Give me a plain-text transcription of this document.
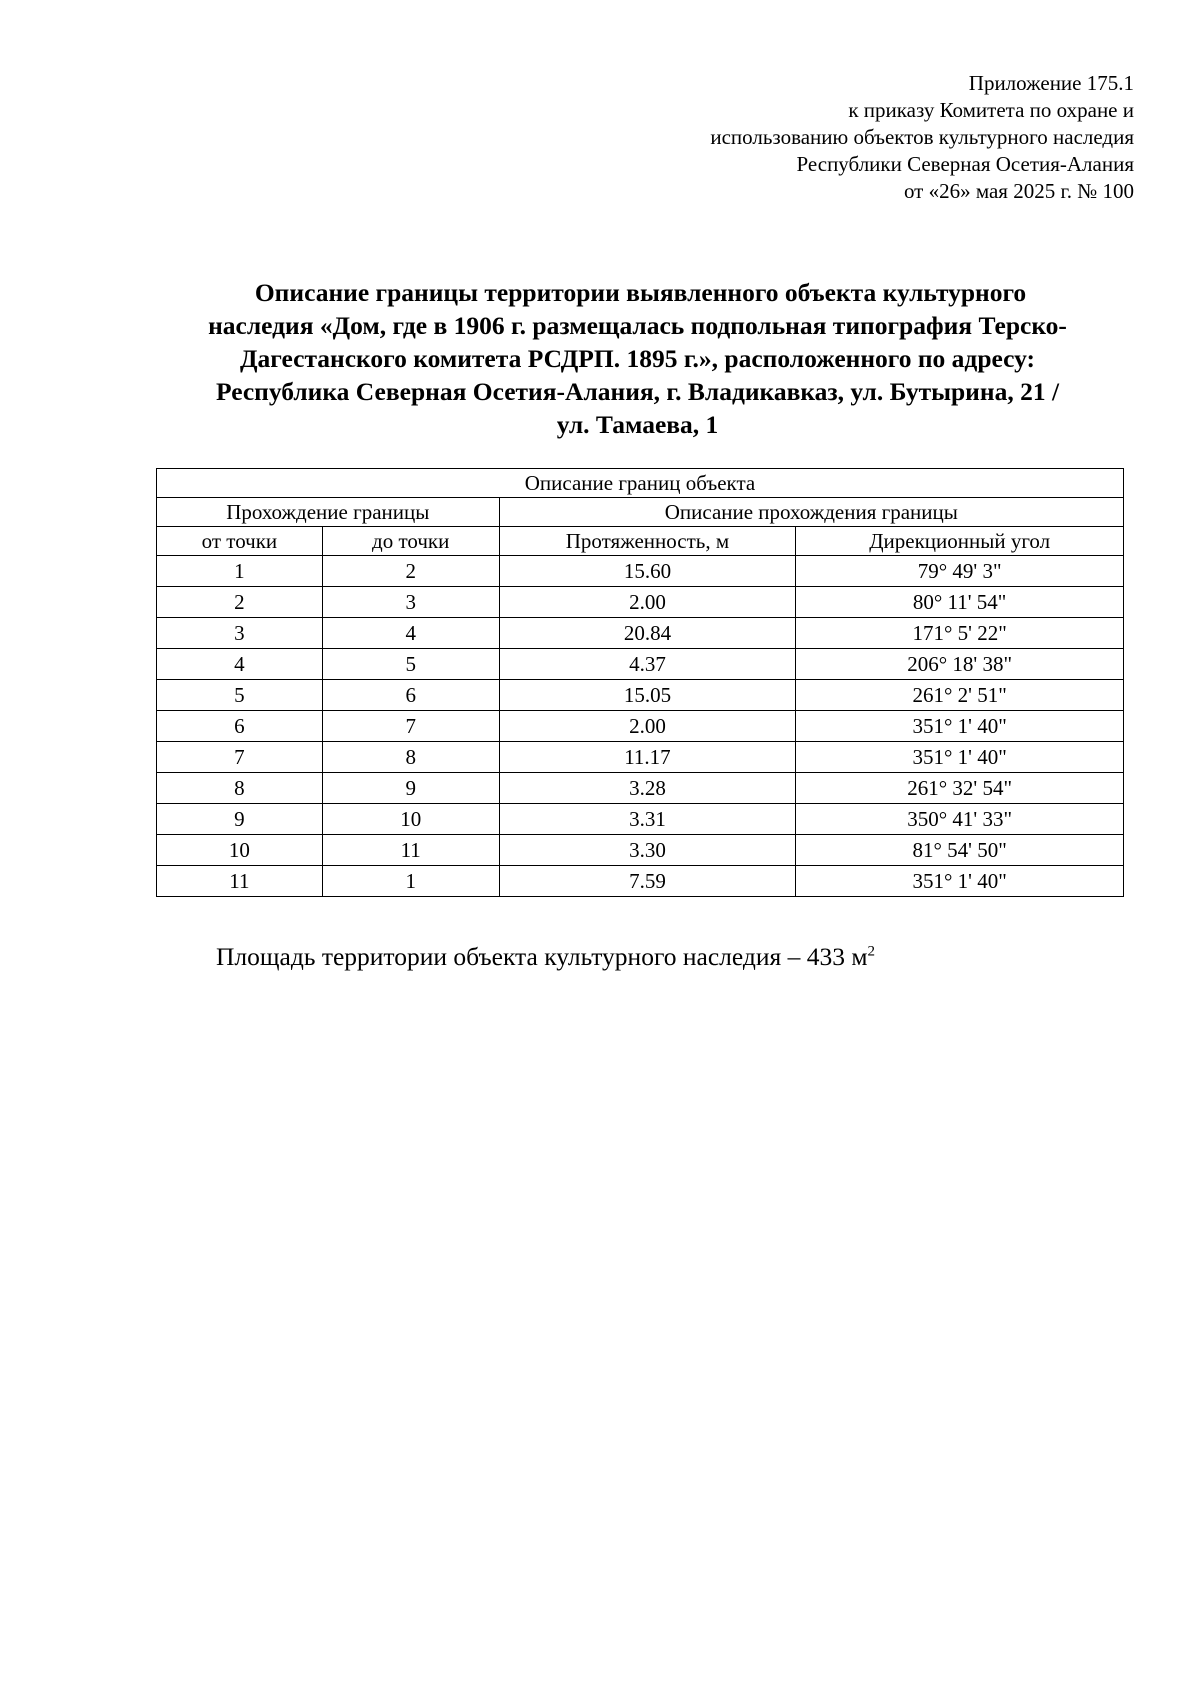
Приложение 175.1
к приказу Комитета по охране и
использованию объектов культурного наследия
Республики Северная Осетия-Алания
от «26» мая 2025 г. № 100
Описание границы территории выявленного объекта культурного
наследия «Дом, где в 1906 г. размещалась подпольная типография Терско-
Дагестанского комитета РСДРП. 1895 г.», расположенного по адресу:
Республика Северная Осетия-Алания, г. Владикавказ, ул. Бутырина, 21 /
ул. Тамаева, 1
Описание границ объекта			
Прохождение границы		Описание прохождения границы	
от точки	до точки	Протяженность, м	Дирекционный угол
1	2	15.60	79° 49' 3"
2	3	2.00	80° 11' 54"
3	4	20.84	171° 5' 22"
4	5	4.37	206° 18' 38"
5	6	15.05	261° 2' 51"
6	7	2.00	351° 1' 40"
7	8	11.17	351° 1' 40"
8	9	3.28	261° 32' 54"
9	10	3.31	350° 41' 33"
10	11	3.30	81° 54' 50"
11	1	7.59	351° 1' 40"
Площадь территории объекта культурного наследия – 433 $м^2$
